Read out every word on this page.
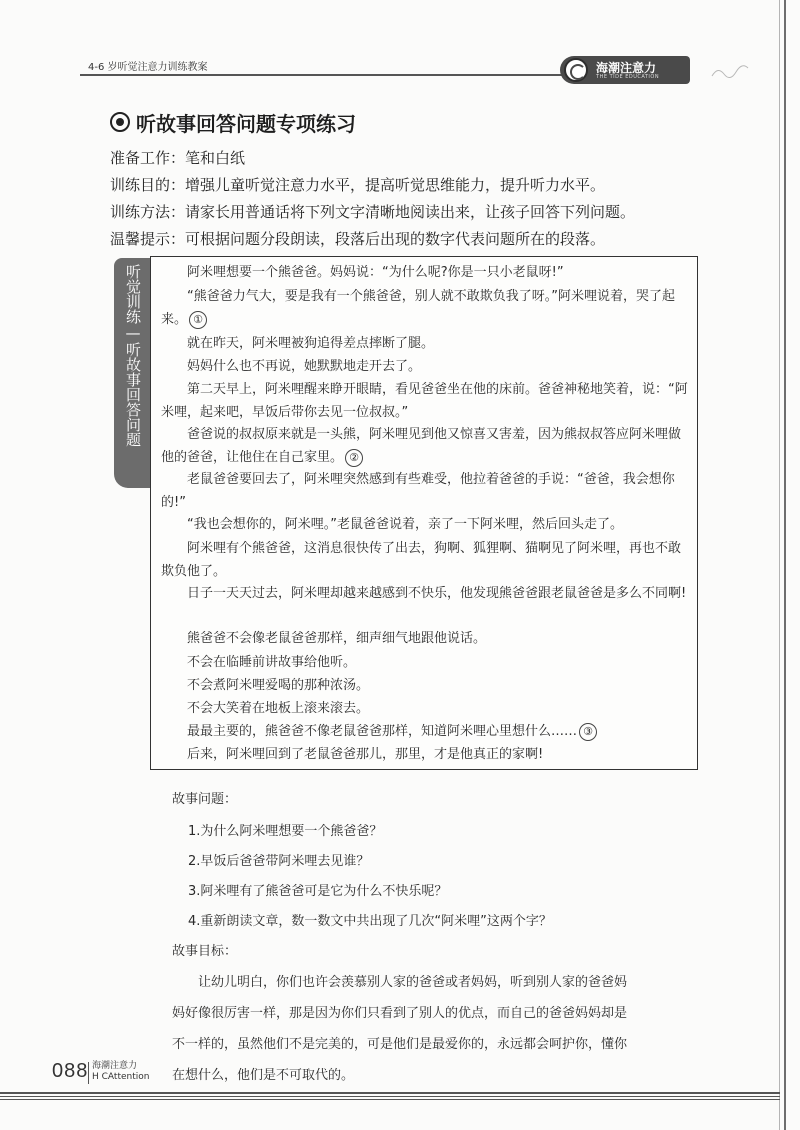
4-6 岁听觉注意力训练教案	海潮注意力
THE TIDE EDUCATION
听故事回答问题专项练习
准备工作：笔和白纸
训练目的：增强儿童听觉注意力水平，提高听觉思维能力，提升听力水平。
训练方法：请家长用普通话将下列文字清晰地阅读出来，让孩子回答下列问题。
温馨提示：可根据问题分段朗读，段落后出现的数字代表问题所在的段落。
听觉训练—听故事回答问题	阿米哩想要一个熊爸爸。妈妈说：“为什么呢?你是一只小老鼠呀!”

“熊爸爸力气大，要是我有一个熊爸爸，别人就不敢欺负我了呀。”阿米哩说着，哭了起来。 ①

就在昨天，阿米哩被狗追得差点摔断了腿。

妈妈什么也不再说，她默默地走开去了。

第二天早上，阿米哩醒来睁开眼睛，看见爸爸坐在他的床前。爸爸神秘地笑着，说：“阿米哩，起来吧，早饭后带你去见一位叔叔。”

爸爸说的叔叔原来就是一头熊，阿米哩见到他又惊喜又害羞，因为熊叔叔答应阿米哩做他的爸爸，让他住在自己家里。 ②

老鼠爸爸要回去了，阿米哩突然感到有些难受，他拉着爸爸的手说：“爸爸，我会想你的!”

“我也会想你的，阿米哩。”老鼠爸爸说着，亲了一下阿米哩，然后回头走了。

阿米哩有个熊爸爸，这消息很快传了出去，狗啊、狐狸啊、猫啊见了阿米哩，再也不敢欺负他了。

日子一天天过去，阿米哩却越来越感到不快乐，他发现熊爸爸跟老鼠爸爸是多么不同啊!

熊爸爸不会像老鼠爸爸那样，细声细气地跟他说话。

不会在临睡前讲故事给他听。

不会煮阿米哩爱喝的那种浓汤。

不会大笑着在地板上滚来滚去。

最最主要的，熊爸爸不像老鼠爸爸那样，知道阿米哩心里想什么…… ③

后来，阿米哩回到了老鼠爸爸那儿，那里，才是他真正的家啊!

故事问题：
1.为什么阿米哩想要一个熊爸爸？
2.早饭后爸爸带阿米哩去见谁？
3.阿米哩有了熊爸爸可是它为什么不快乐呢？
4.重新朗读文章，数一数文中共出现了几次“阿米哩”这两个字？
故事目标：
让幼儿明白，你们也许会羡慕别人家的爸爸或者妈妈，听到别人家的爸爸妈
妈好像很厉害一样，那是因为你们只看到了别人的优点，而自己的爸爸妈妈却是
不一样的，虽然他们不是完美的，可是他们是最爱你的，永远都会呵护你，懂你
在想什么，他们是不可取代的。
088 海潮注意力
H CAttention
